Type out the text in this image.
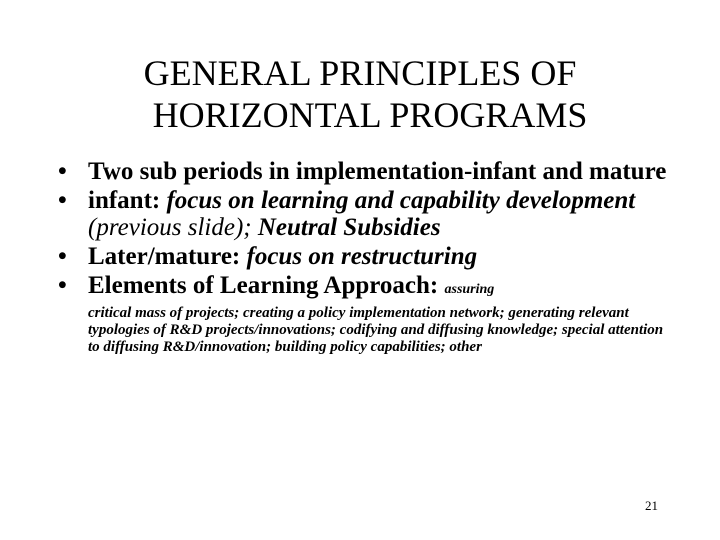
GENERAL PRINCIPLES OF
HORIZONTAL PROGRAMS
• Two sub periods in implementation-infant and mature
• infant: focus on learning and capability development (previous slide); Neutral Subsidies
• Later/mature: focus on restructuring
• Elements of Learning Approach: assuring
critical mass of projects; creating a policy implementation network; generating relevant typologies of R&D projects/innovations; codifying and diffusing knowledge; special attention to diffusing R&D/innovation; building policy capabilities; other
21
